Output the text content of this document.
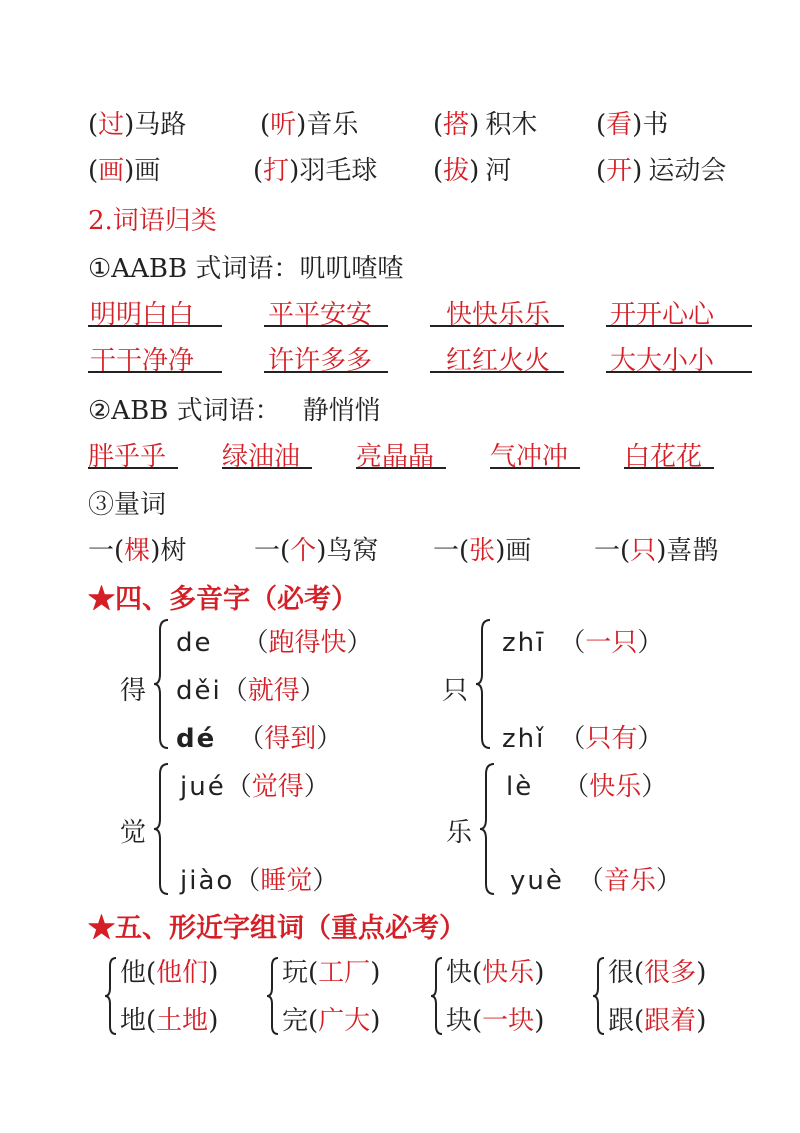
(过)马路	(听)音乐	(搭) 积木 (看)书
(画)画	(打)羽毛球 (拔) 河	(开) 运动会
2.词语归类
①AABB 式词语：叽叽喳喳
明明白白	平平安安	快快乐乐 开开心心
干干净净	许许多多	红红火火 大大小小
②ABB 式词语： 静悄悄
胖乎乎 绿油油 亮晶晶 气冲冲 白花花
③量词
一(棵)树	一(个)鸟窝 一(张)画 一(只)喜鹊
★四、多音字（必考）
得
de （跑得快）
děi（就得）
dé （得到）
只
zhī （一只）
zhǐ （只有）
觉
jué（觉得）
jiào（睡觉）
乐
lè （快乐）
yuè （音乐）
★五、形近字组词（重点必考）
他(他们)
地(土地)
玩(工厂)
完(广大)
快(快乐)
块(一块)
很(很多)
跟(跟着)
